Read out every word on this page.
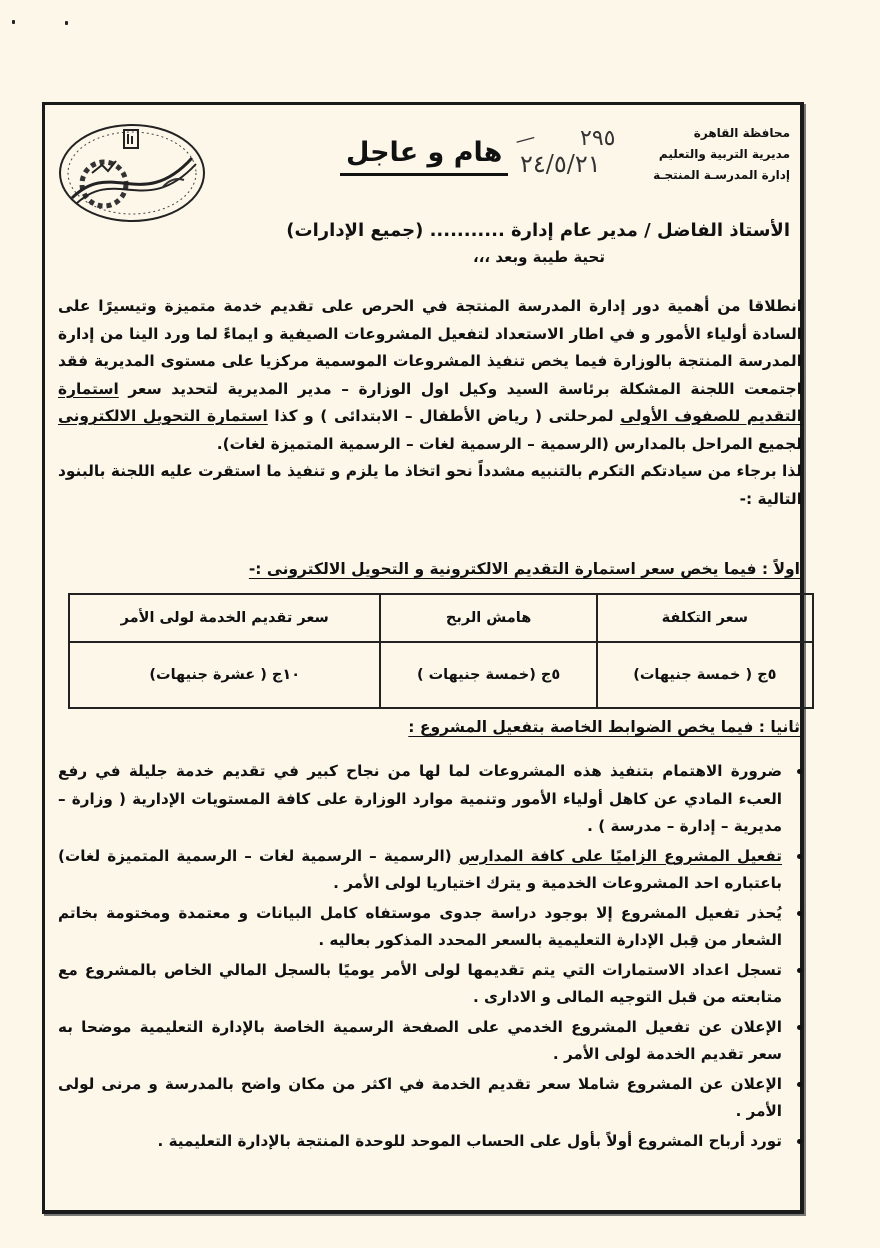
محافظة القاهرة
مديرية التربية والتعليم
إدارة المدرسـة المنتجـة
— ٢٩٥
٢٤/٥/٢١
هام و عاجل
الأستاذ الفاضل / مدير عام إدارة ........... (جميع الإدارات)
تحية طيبة وبعد ،،،
انطلاقا من أهمية دور إدارة المدرسة المنتجة في الحرص على تقديم خدمة متميزة وتيسيرًا على السادة أولياء الأمور و في اطار الاستعداد لتفعيل المشروعات الصيفية و ايماءً لما ورد الينا من إدارة المدرسة المنتجة بالوزارة فيما يخص تنفيذ المشروعات الموسمية مركزيا على مستوى المديرية فقد اجتمعت اللجنة المشكلة برئاسة السيد وكيل اول الوزارة – مدير المديرية لتحديد سعر استمارة التقديم للصفوف الأولى لمرحلتى ( رياض الأطفال – الابتدائى ) و كذا استمارة التحويل الالكترونى لجميع المراحل بالمدارس (الرسمية – الرسمية لغات – الرسمية المتميزة لغات).
لذا برجاء من سيادتكم التكرم بالتنبيه مشدداً نحو اتخاذ ما يلزم و تنفيذ ما استقرت عليه اللجنة بالبنود التالية :-
اولاً : فيما يخص سعر استمارة التقديم الالكترونية و التحويل الالكترونى :-
سعر التكلفة	هامش الربح	سعر تقديم الخدمة لولى الأمر
٥ج ( خمسة جنيهات)	٥ج (خمسة جنيهات )	١٠ج ( عشرة جنيهات)
ثانيا : فيما يخص الضوابط الخاصة بتفعيل المشروع :
• ضرورة الاهتمام بتنفيذ هذه المشروعات لما لها من نجاح كبير في تقديم خدمة جليلة في رفع العبء المادي عن كاهل أولياء الأمور وتنمية موارد الوزارة على كافة المستويات الإدارية ( وزارة – مديرية – إدارة – مدرسة ) .
• تفعيل المشروع الزاميًا على كافة المدارس (الرسمية – الرسمية لغات – الرسمية المتميزة لغات) باعتباره احد المشروعات الخدمية و يترك اختياريا لولى الأمر .
• يُحذر تفعيل المشروع إلا بوجود دراسة جدوى موستفاه كامل البيانات و معتمدة ومختومة بخاتم الشعار من قِبل الإدارة التعليمية بالسعر المحدد المذكور بعاليه .
• تسجل اعداد الاستمارات التي يتم تقديمها لولى الأمر يوميًا بالسجل المالي الخاص بالمشروع مع متابعته من قبل التوجيه المالى و الادارى .
• الإعلان عن تفعيل المشروع الخدمي على الصفحة الرسمية الخاصة بالإدارة التعليمية موضحا به سعر تقديم الخدمة لولى الأمر .
• الإعلان عن المشروع شاملا سعر تقديم الخدمة في اكثر من مكان واضح بالمدرسة و مرنى لولى الأمر .
• تورد أرباح المشروع أولاً بأول على الحساب الموحد للوحدة المنتجة بالإدارة التعليمية .
